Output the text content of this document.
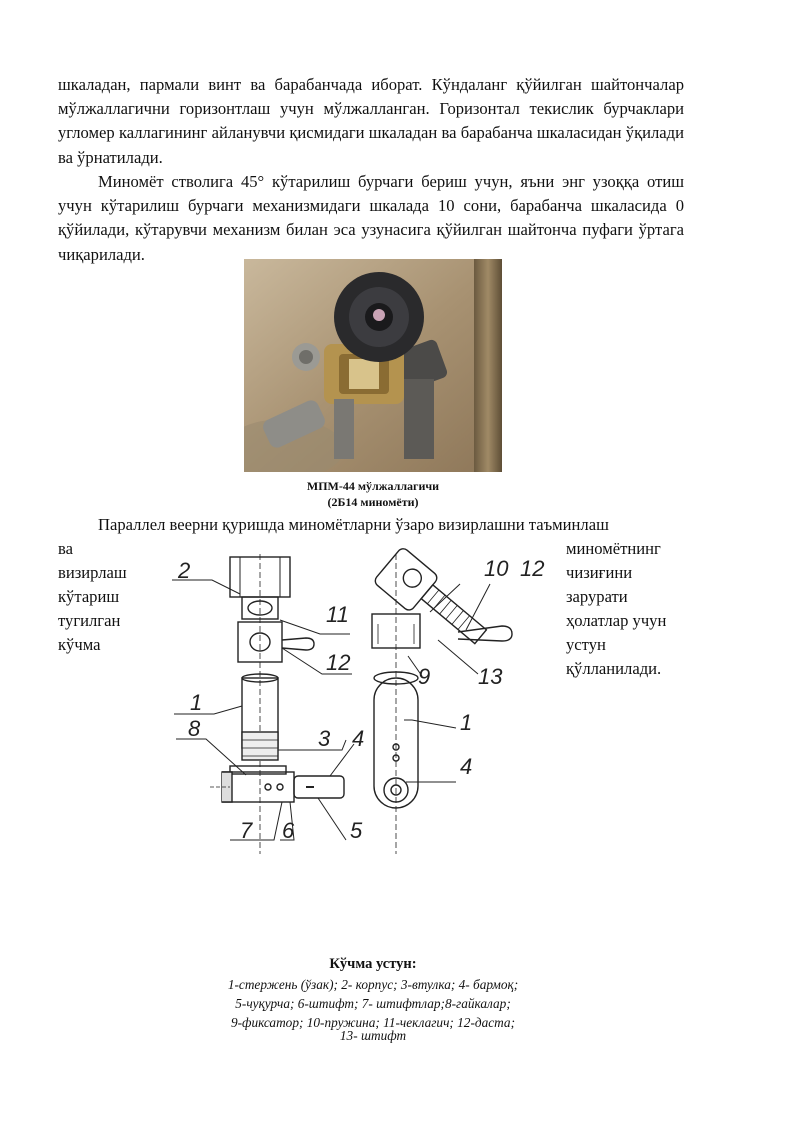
шкаладан, пармали винт ва барабанчада иборат. Кўндаланг қўйилган шайтончалар мўлжаллагични горизонтлаш учун мўлжалланган. Горизонтал текислик бурчаклари угломер каллагининг айланувчи қисмидаги шкаладан ва барабанча шкаласидан ўқилади ва ўрнатилади.

Миномёт стволига 45° кўтарилиш бурчаги бериш учун, яъни энг узоққа отиш учун кўтарилиш бурчаги механизмидаги шкалада 10 сони, барабанча шкаласида 0 қўйилади, кўтарувчи механизм билан эса узунасига қўйилган шайтонча пуфаги ўртага чиқарилади.

МПМ-44 мўлжаллагичи
(2Б14 миномёти)

Параллел веерни қуришда миномётларни ўзаро визирлашни таъминлаш

ва
визирлаш
кўтариш
тугилган
кўчма
миномётнинг
чизиғини
зарурати
ҳолатлар учун
устун
қўлланилади.
2
11
12
1
8	3 4
7 6	5
10 12
9 13
1
4
Кўчма устун:
1-стержень (ўзак); 2- корпус; 3-втулка; 4- бармоқ;
5-чуқурча; 6-штифт; 7- штифтлар;8-гайкалар;
9-фиксатор; 10-пружина; 11-чеклагич; 12-даста;
13- штифт
